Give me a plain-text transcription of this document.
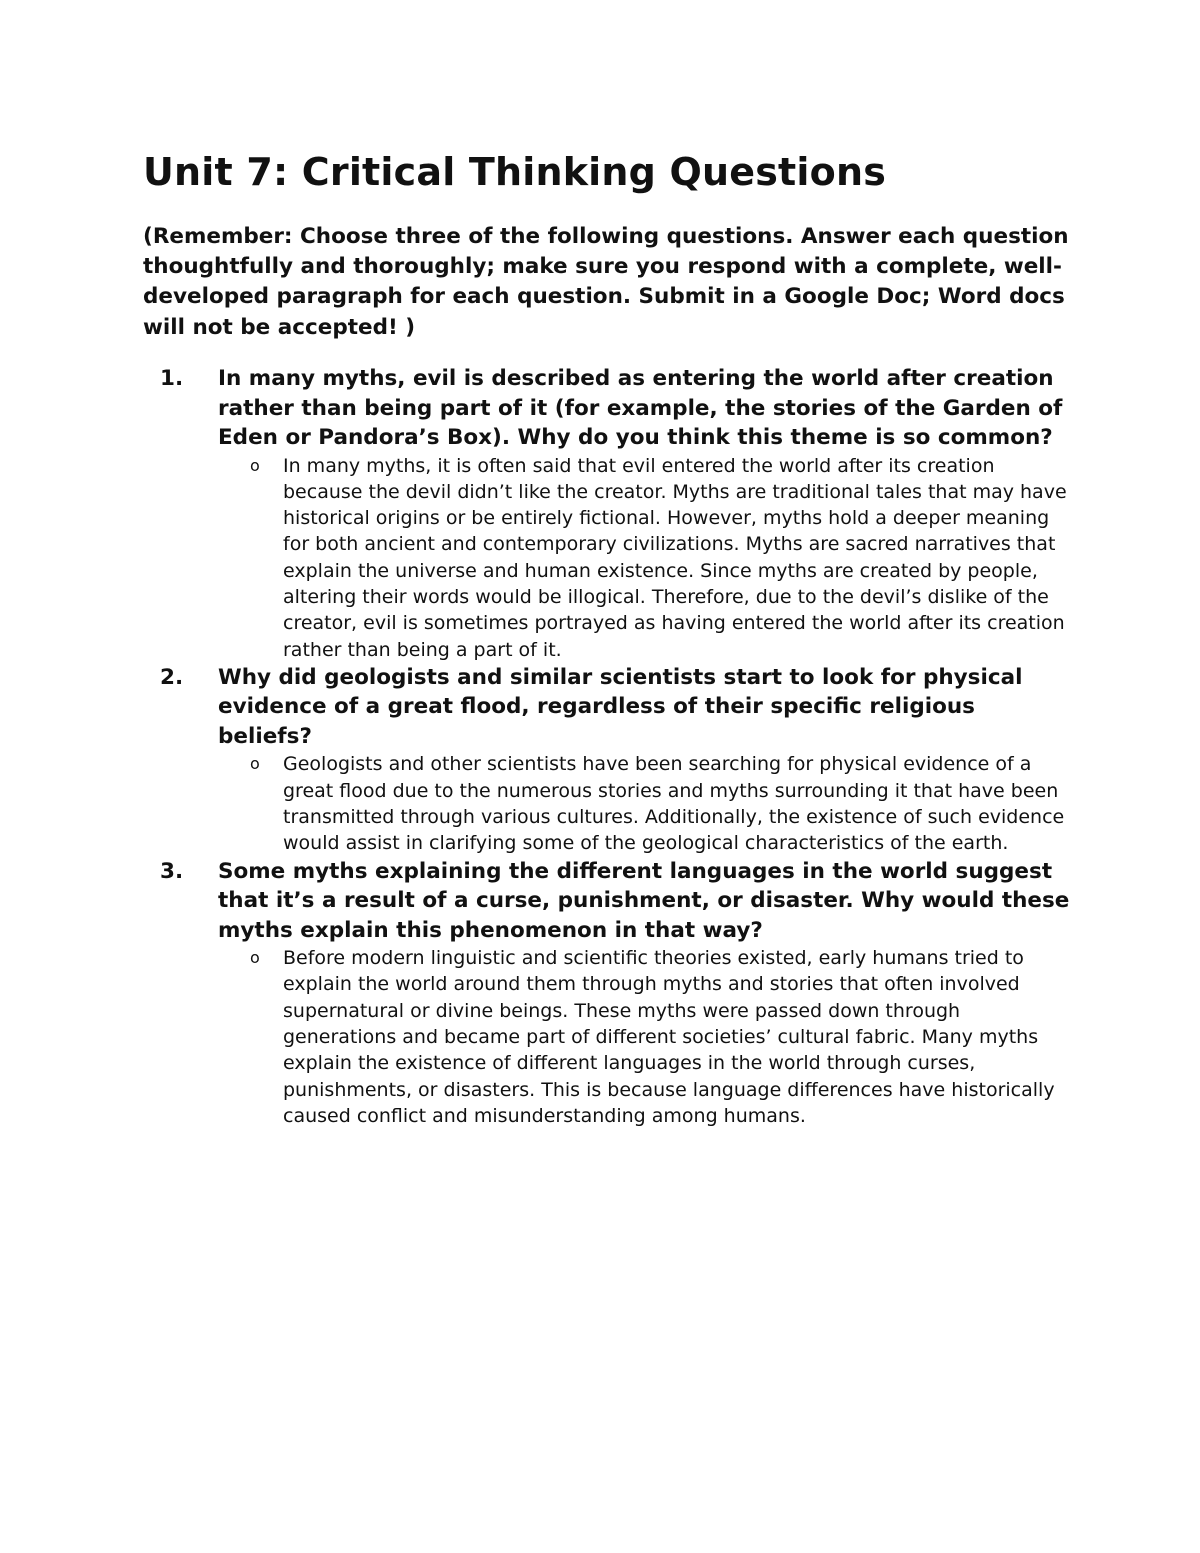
Unit 7: Critical Thinking Questions

(Remember: Choose three of the following questions. Answer each question thoughtfully and thoroughly; make sure you respond with a complete, well-developed paragraph for each question. Submit in a Google Doc; Word docs will not be accepted! )

1. In many myths, evil is described as entering the world after creation rather than being part of it (for example, the stories of the Garden of Eden or Pandora’s Box). Why do you think this theme is so common?
o In many myths, it is often said that evil entered the world after its creation because the devil didn’t like the creator. Myths are traditional tales that may have historical origins or be entirely fictional. However, myths hold a deeper meaning for both ancient and contemporary civilizations. Myths are sacred narratives that explain the universe and human existence. Since myths are created by people, altering their words would be illogical. Therefore, due to the devil’s dislike of the creator, evil is sometimes portrayed as having entered the world after its creation rather than being a part of it.
2. Why did geologists and similar scientists start to look for physical evidence of a great flood, regardless of their specific religious beliefs?
o Geologists and other scientists have been searching for physical evidence of a great flood due to the numerous stories and myths surrounding it that have been transmitted through various cultures. Additionally, the existence of such evidence would assist in clarifying some of the geological characteristics of the earth.
3. Some myths explaining the different languages in the world suggest that it’s a result of a curse, punishment, or disaster. Why would these myths explain this phenomenon in that way?
o Before modern linguistic and scientific theories existed, early humans tried to explain the world around them through myths and stories that often involved supernatural or divine beings. These myths were passed down through generations and became part of different societies’ cultural fabric. Many myths explain the existence of different languages in the world through curses, punishments, or disasters. This is because language differences have historically caused conflict and misunderstanding among humans.
